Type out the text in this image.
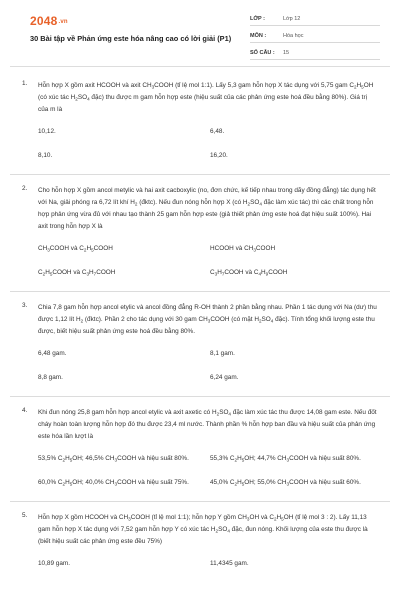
2048.vn
30 Bài tập về Phản ứng este hóa nâng cao có lời giải (P1)
LỚP :	Lớp 12
MÔN :	Hóa học
SỐ CÂU :	15
1. Hỗn hợp X gồm axit HCOOH và axit $CH_3COOH$ (tỉ lệ mol 1:1). Lấy 5,3 gam hỗn hợp X tác dụng với 5,75 gam $C_2H_5OH$ (có xúc tác $H_2SO_4$ đặc) thu được m gam hỗn hợp este (hiệu suất của các phản ứng este hoá đều bằng 80%). Giá trị của m là
10,12.	6,48.
8,10.	16,20.
2. Cho hỗn hợp X gồm ancol metylic và hai axit cacboxylic (no, đơn chức, kế tiếp nhau trong dãy đồng đẳng) tác dụng hết với Na, giải phóng ra 6,72 lít khí $H_2$ (đktc). Nếu đun nóng hỗn hợp X (có $H_2SO_4$ đặc làm xúc tác) thì các chất trong hỗn hợp phản ứng vừa đủ với nhau tạo thành 25 gam hỗn hợp este (giả thiết phản ứng este hoá đạt hiệu suất 100%). Hai axit trong hỗn hợp X là
$CH_3COOH$ và $C_2H_5COOH$	HCOOH và $CH_3COOH$
$C_2H_5COOH$ và $C_3H_7COOH$	$C_3H_7COOH$ và $C_4H_9COOH$
3. Chia 7,8 gam hỗn hợp ancol etylic và ancol đồng đẳng R-OH thành 2 phần bằng nhau. Phần 1 tác dụng với Na (dư) thu được 1,12 lít $H_2$ (đktc). Phần 2 cho tác dụng với 30 gam $CH_3COOH$ (có mặt $H_2SO_4$ đặc). Tính tổng khối lượng este thu được, biết hiệu suất phản ứng este hoá đều bằng 80%.
6,48 gam.	8,1 gam.
8,8 gam.	6,24 gam.
4. Khi đun nóng 25,8 gam hỗn hợp ancol etylic và axit axetic có $H_2SO_4$ đặc làm xúc tác thu được 14,08 gam este. Nếu đốt cháy hoàn toàn lượng hỗn hợp đó thu được 23,4 ml nước. Thành phần % hỗn hợp ban đầu và hiệu suất của phản ứng este hóa lần lượt là
53,5% $C_2H_5OH$; 46,5% $CH_3COOH$ và hiệu suất 80%.	55,3% $C_2H_5OH$; 44,7% $CH_3COOH$ và hiệu suất 80%.
60,0% $C_2H_5OH$; 40,0% $CH_3COOH$ và hiệu suất 75%.	45,0% $C_2H_5OH$; 55,0% $CH_3COOH$ và hiệu suất 60%.
5. Hỗn hợp X gồm HCOOH và $CH_3COOH$ (tỉ lệ mol 1:1); hỗn hợp Y gồm $CH_3OH$ và $C_2H_5OH$ (tỉ lệ mol 3 : 2). Lấy 11,13 gam hỗn hợp X tác dụng với 7,52 gam hỗn hợp Y có xúc tác $H_2SO_4$ đặc, đun nóng. Khối lượng của este thu được là (biết hiệu suất các phản ứng este đều 75%)
10,89 gam.	11,4345 gam.
